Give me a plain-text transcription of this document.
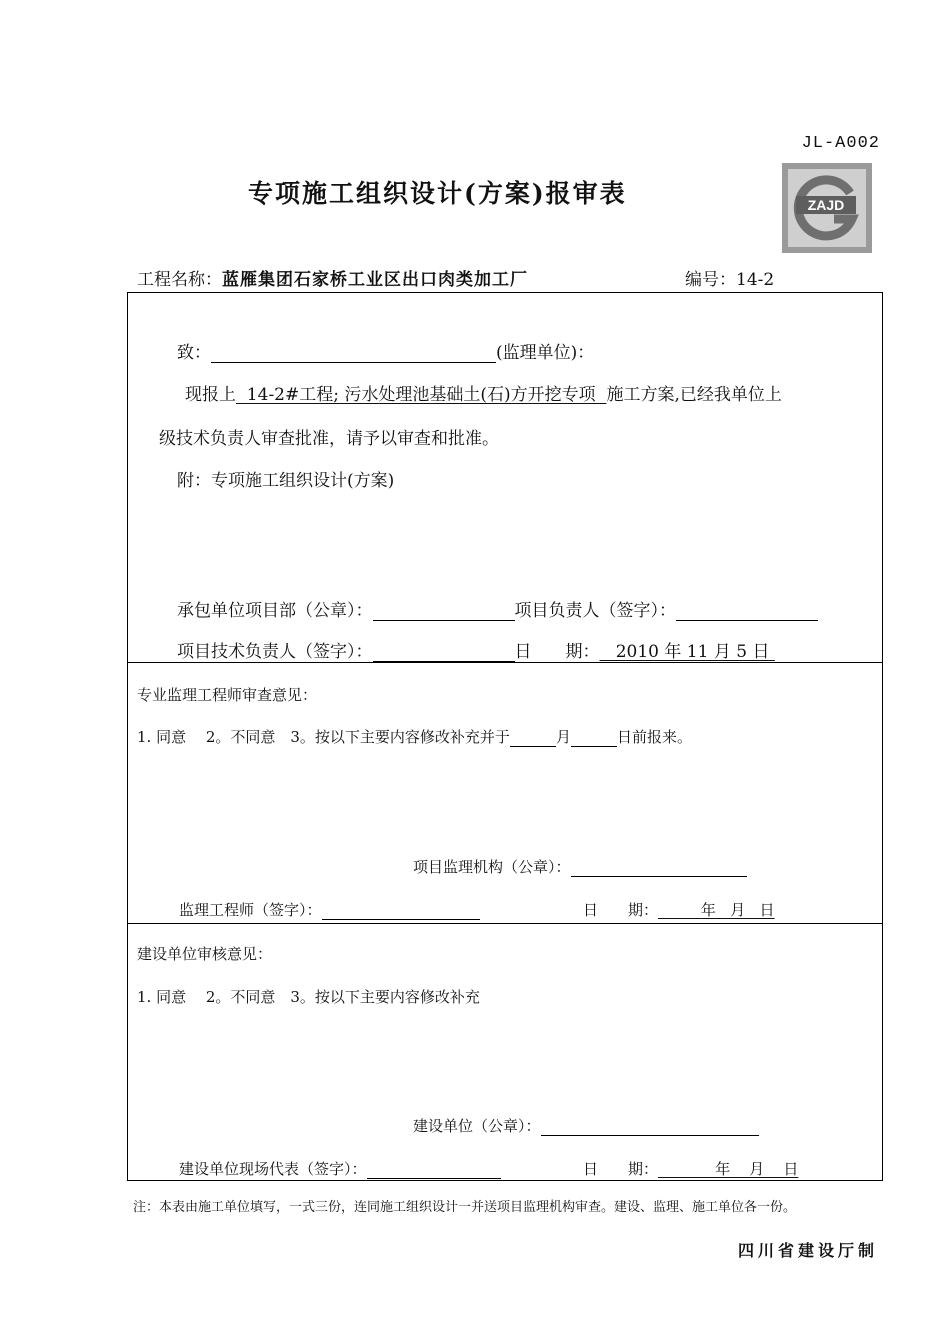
JL-A002
专项施工组织设计(方案)报审表	ZAJD
工程名称：蓝雁集团石家桥工业区出口肉类加工厂	编号：14-2
致：	(监理单位)：
现报上  14-2#工程; 污水处理池基础土(石)方开挖专项  施工方案,已经我单位上
级技术负责人审查批准，请予以审查和批准。
附：专项施工组织设计(方案)
承包单位项目部（公章）：	项目负责人（签字）：
项目技术负责人（签字）：	日　　期：   2010 年 11 月 5 日
专业监理工程师审查意见：
1. 同意　 2。不同意　3。按以下主要内容修改补充并于	月	日前报来。
项目监理机构（公章）：
监理工程师（签字）：	日　　期：         年   月   日
建设单位审核意见：
1. 同意　 2。不同意　3。按以下主要内容修改补充
建设单位（公章）：
建设单位现场代表（签字）：	日　　期：            年    月    日
注：本表由施工单位填写，一式三份，连同施工组织设计一并送项目监理机构审查。建设、监理、施工单位各一份。
四川省建设厅制
